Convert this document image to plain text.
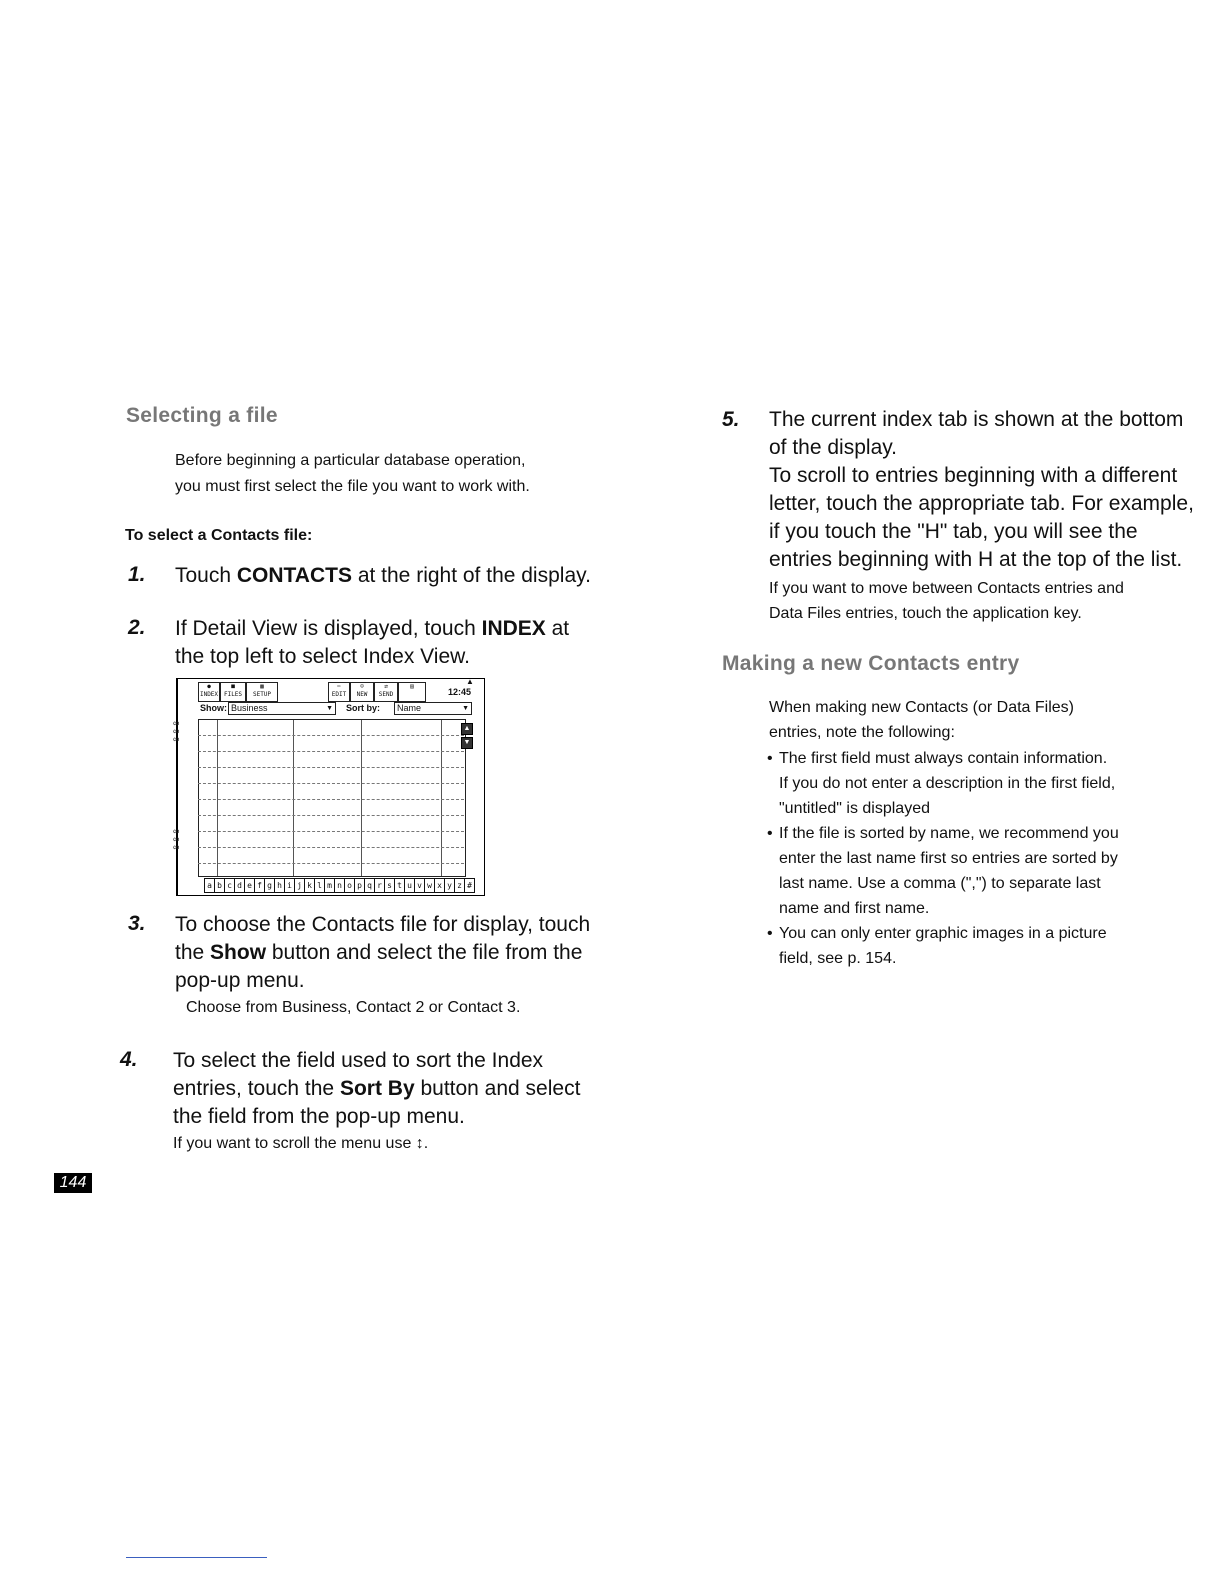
Selecting a file
Before beginning a particular database operation,
you must first select the file you want to work with.
To select a Contacts file:
1. Touch CONTACTS at the right of the display.
2. If Detail View is displayed, touch INDEX at
the top left to select Index View.
●
INDEX
■
FILES
▩
SETUP
✂
EDIT
☺
NEW
⇄
SEND
▤
12:45
▲
Show: Business	▼ Sort by:	Name	▼
∞
∞
∞
∞
∞
∞
▲
▼
a b c d e f g h i j k l m n o p q r s t u v w x y z #
3. To choose the Contacts file for display, touch
the Show button and select the file from the
pop-up menu.
Choose from Business, Contact 2 or Contact 3.
4. To select the field used to sort the Index
entries, touch the Sort By button and select
the field from the pop-up menu.
If you want to scroll the menu use ↕.
5. The current index tab is shown at the bottom
of the display.
To scroll to entries beginning with a different
letter, touch the appropriate tab. For example,
if you touch the "H" tab, you will see the
entries beginning with H at the top of the list.
If you want to move between Contacts entries and
Data Files entries, touch the application key.
Making a new Contacts entry
When making new Contacts (or Data Files)
entries, note the following:
• The first field must always contain information.
If you do not enter a description in the first field,
"untitled" is displayed
• If the file is sorted by name, we recommend you
enter the last name first so entries are sorted by
last name. Use a comma (",") to separate last
name and first name.
• You can only enter graphic images in a picture
field, see p. 154.
144
